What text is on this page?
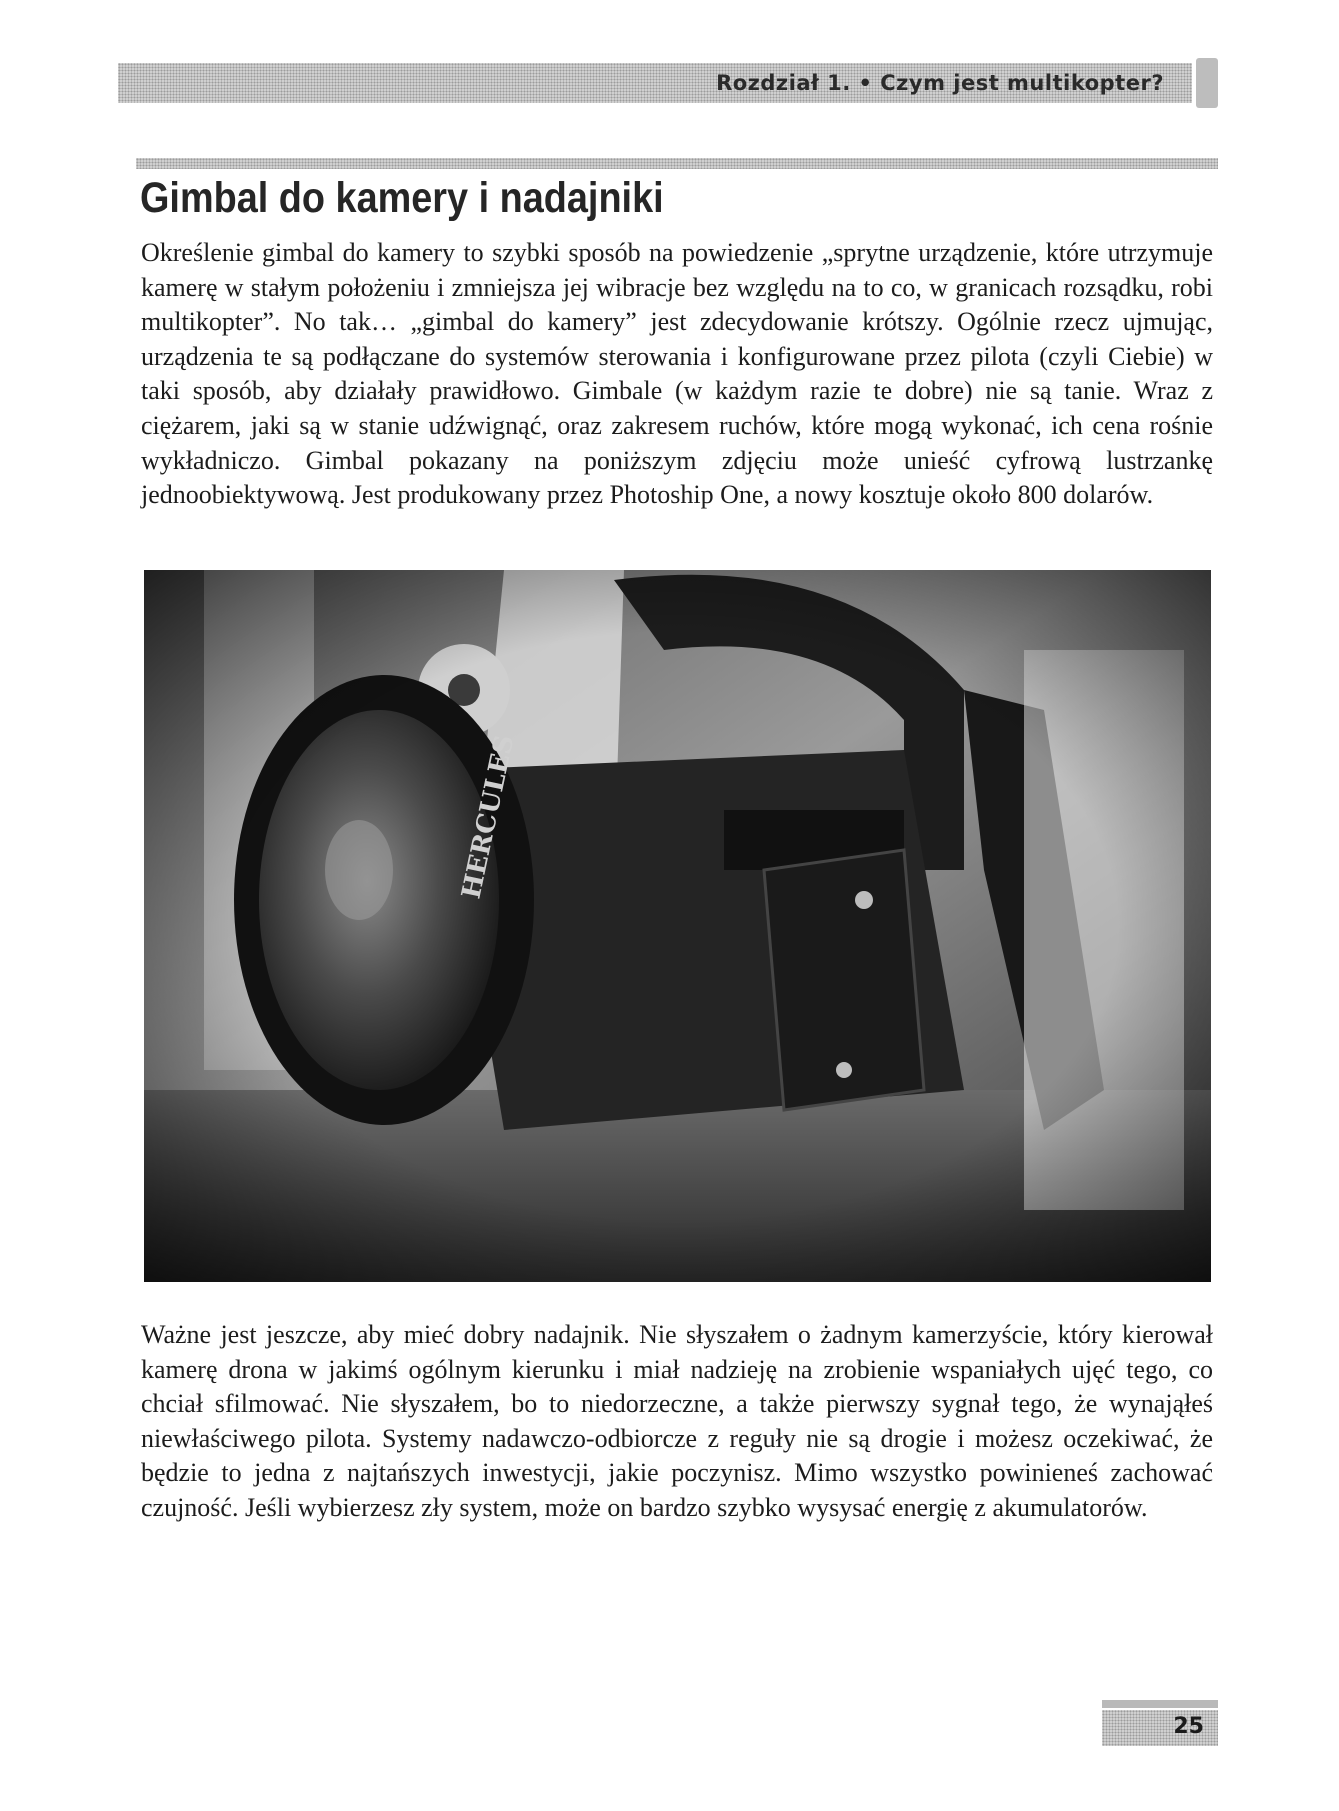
Rozdział 1. • Czym jest multikopter?
Gimbal do kamery i nadajniki

Określenie gimbal do kamery to szybki sposób na powiedzenie „sprytne urządzenie, które utrzymuje kamerę w stałym położeniu i zmniejsza jej wibracje bez względu na to co, w granicach rozsądku, robi multikopter”. No tak… „gimbal do kamery” jest zdecydowanie krótszy. Ogólnie rzecz ujmując, urządzenia te są podłączane do systemów sterowania i konfigurowane przez pilota (czyli Ciebie) w taki sposób, aby działały prawidłowo. Gimbale (w każdym razie te dobre) nie są tanie. Wraz z ciężarem, jaki są w stanie udźwignąć, oraz zakresem ruchów, które mogą wykonać, ich cena rośnie wykładniczo. Gimbal pokazany na poniższym zdjęciu może unieść cyfrową lustrzankę jednoobiektywową. Jest produkowany przez Photoship One, a nowy kosztuje około 800 dolarów.

Ważne jest jeszcze, aby mieć dobry nadajnik. Nie słyszałem o żadnym kamerzyście, który kierował kamerę drona w jakimś ogólnym kierunku i miał nadzieję na zrobienie wspaniałych ujęć tego, co chciał sfilmować. Nie słyszałem, bo to niedorzeczne, a także pierwszy sygnał tego, że wynająłeś niewłaściwego pilota. Systemy nadawczo-odbiorcze z reguły nie są drogie i możesz oczekiwać, że będzie to jedna z najtańszych inwestycji, jakie poczynisz. Mimo wszystko powinieneś zachować czujność. Jeśli wybierzesz zły system, może on bardzo szybko wysysać energię z akumulatorów.

25
